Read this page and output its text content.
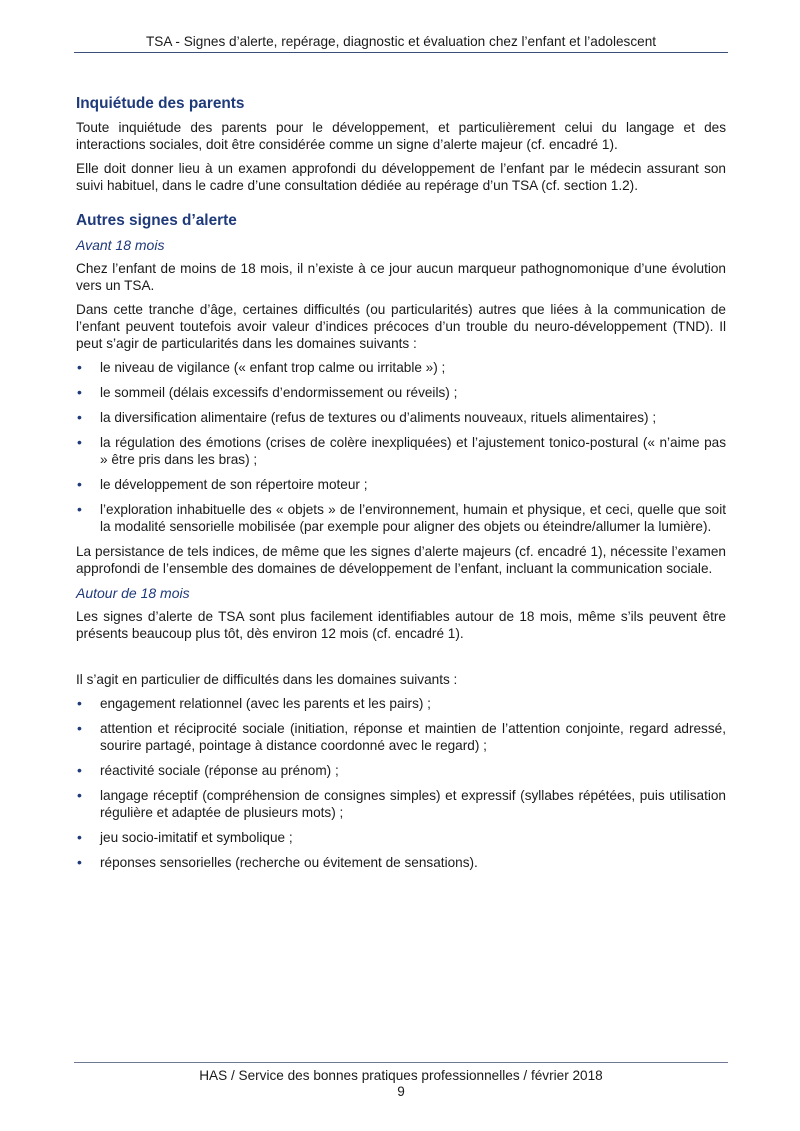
TSA - Signes d’alerte, repérage, diagnostic et évaluation chez l’enfant et l’adolescent
Inquiétude des parents

Toute inquiétude des parents pour le développement, et particulièrement celui du langage et des interactions sociales, doit être considérée comme un signe d’alerte majeur (cf. encadré 1).

Elle doit donner lieu à un examen approfondi du développement de l’enfant par le médecin assurant son suivi habituel, dans le cadre d’une consultation dédiée au repérage d’un TSA (cf. section 1.2).

Autres signes d’alerte
Avant 18 mois

Chez l’enfant de moins de 18 mois, il n’existe à ce jour aucun marqueur pathognomonique d’une évolution vers un TSA.

Dans cette tranche d’âge, certaines difficultés (ou particularités) autres que liées à la communication de l’enfant peuvent toutefois avoir valeur d’indices précoces d’un trouble du neuro-développement (TND). Il peut s’agir de particularités dans les domaines suivants :

• le niveau de vigilance (« enfant trop calme ou irritable ») ;
• le sommeil (délais excessifs d’endormissement ou réveils) ;
• la diversification alimentaire (refus de textures ou d’aliments nouveaux, rituels alimentaires) ;
• la régulation des émotions (crises de colère inexpliquées) et l’ajustement tonico-postural (« n’aime pas » être pris dans les bras) ;
• le développement de son répertoire moteur ;
• l’exploration inhabituelle des « objets » de l’environnement, humain et physique, et ceci, quelle que soit la modalité sensorielle mobilisée (par exemple pour aligner des objets ou éteindre/allumer la lumière).

La persistance de tels indices, de même que les signes d’alerte majeurs (cf. encadré 1), nécessite l’examen approfondi de l’ensemble des domaines de développement de l’enfant, incluant la communication sociale.

Autour de 18 mois

Les signes d’alerte de TSA sont plus facilement identifiables autour de 18 mois, même s’ils peuvent être présents beaucoup plus tôt, dès environ 12 mois (cf. encadré 1).

Il s’agit en particulier de difficultés dans les domaines suivants :

• engagement relationnel (avec les parents et les pairs) ;
• attention et réciprocité sociale (initiation, réponse et maintien de l’attention conjointe, regard adressé, sourire partagé, pointage à distance coordonné avec le regard) ;
• réactivité sociale (réponse au prénom) ;
• langage réceptif (compréhension de consignes simples) et expressif (syllabes répétées, puis utilisation régulière et adaptée de plusieurs mots) ;
• jeu socio-imitatif et symbolique ;
• réponses sensorielles (recherche ou évitement de sensations).
HAS / Service des bonnes pratiques professionnelles / février 2018
9
